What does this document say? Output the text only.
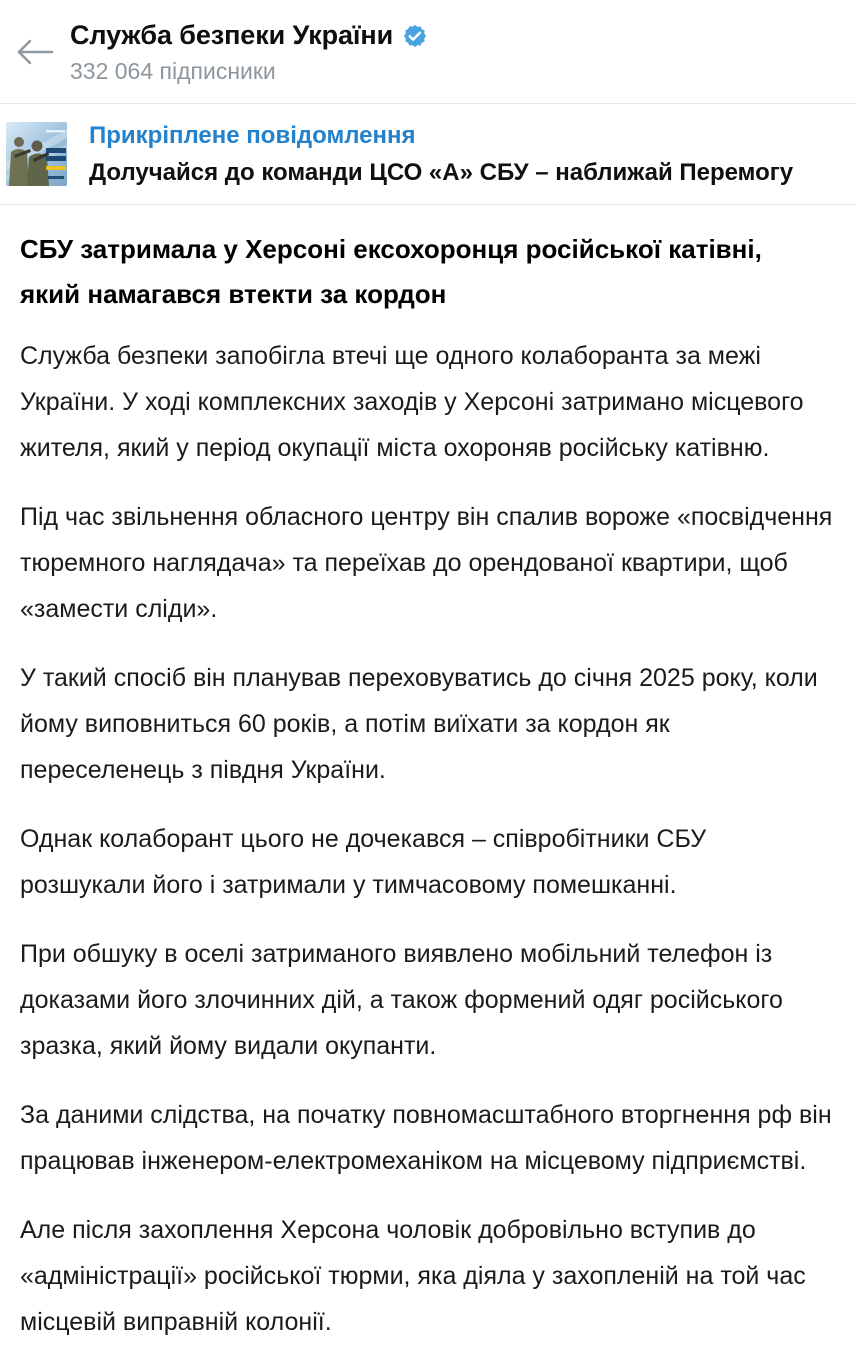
Служба безпеки України
332 064 підписники
Прикріплене повідомлення
Долучайся до команди ЦСО «А» СБУ – наближай Перемогу
СБУ затримала у Херсоні ексохоронця російської катівні, який намагався втекти за кордон

Служба безпеки запобігла втечі ще одного колаборанта за межі України. У ході комплексних заходів у Херсоні затримано місцевого жителя, який у період окупації міста охороняв російську катівню.

Під час звільнення обласного центру він спалив вороже «посвідчення тюремного наглядача» та переїхав до орендованої квартири, щоб «замести сліди».

У такий спосіб він планував переховуватись до січня 2025 року, коли йому виповниться 60 років, а потім виїхати за кордон як переселенець з півдня України.

Однак колаборант цього не дочекався – співробітники СБУ розшукали його і затримали у тимчасовому помешканні.

При обшуку в оселі затриманого виявлено мобільний телефон із доказами його злочинних дій, а також формений одяг російського зразка, який йому видали окупанти.

За даними слідства, на початку повномасштабного вторгнення рф він працював інженером-електромеханіком на місцевому підприємстві.

Але після захоплення Херсона чоловік добровільно вступив до «адміністрації» російської тюрми, яка діяла у захопленій на той час місцевій виправній колонії.
